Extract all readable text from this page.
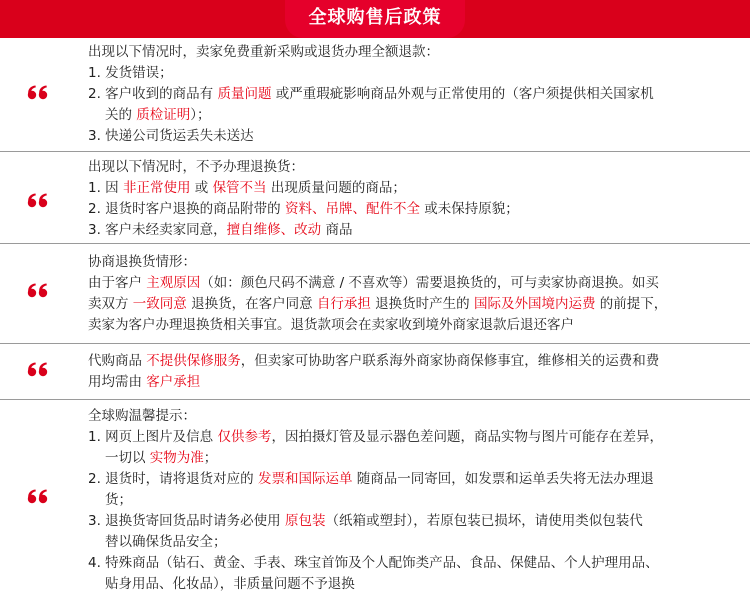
全球购售后政策
出现以下情况时，卖家免费重新采购或退货办理全额退款：
1. 发货错误；
2. 客户收到的商品有 质量问题 或严重瑕疵影响商品外观与正常使用的（客户须提供相关国家机
关的 质检证明）；
3. 快递公司货运丢失未送达
出现以下情况时，不予办理退换货：
1. 因 非正常使用 或 保管不当 出现质量问题的商品；
2. 退货时客户退换的商品附带的 资料、吊牌、配件不全 或未保持原貌；
3. 客户未经卖家同意，擅自维修、改动 商品
协商退换货情形：
由于客户 主观原因（如：颜色尺码不满意 / 不喜欢等）需要退换货的，可与卖家协商退换。如买
卖双方 一致同意 退换货，在客户同意 自行承担 退换货时产生的 国际及外国境内运费 的前提下，
卖家为客户办理退换货相关事宜。退货款项会在卖家收到境外商家退款后退还客户
代购商品 不提供保修服务，但卖家可协助客户联系海外商家协商保修事宜，维修相关的运费和费
用均需由 客户承担
全球购温馨提示：
1. 网页上图片及信息 仅供参考，因拍摄灯管及显示器色差问题，商品实物与图片可能存在差异，
一切以 实物为准；
2. 退货时，请将退货对应的 发票和国际运单 随商品一同寄回，如发票和运单丢失将无法办理退
货；
3. 退换货寄回货品时请务必使用 原包装（纸箱或塑封），若原包装已损坏，请使用类似包装代
替以确保货品安全；
4. 特殊商品（钻石、黄金、手表、珠宝首饰及个人配饰类产品、食品、保健品、个人护理用品、
贴身用品、化妆品），非质量问题不予退换
